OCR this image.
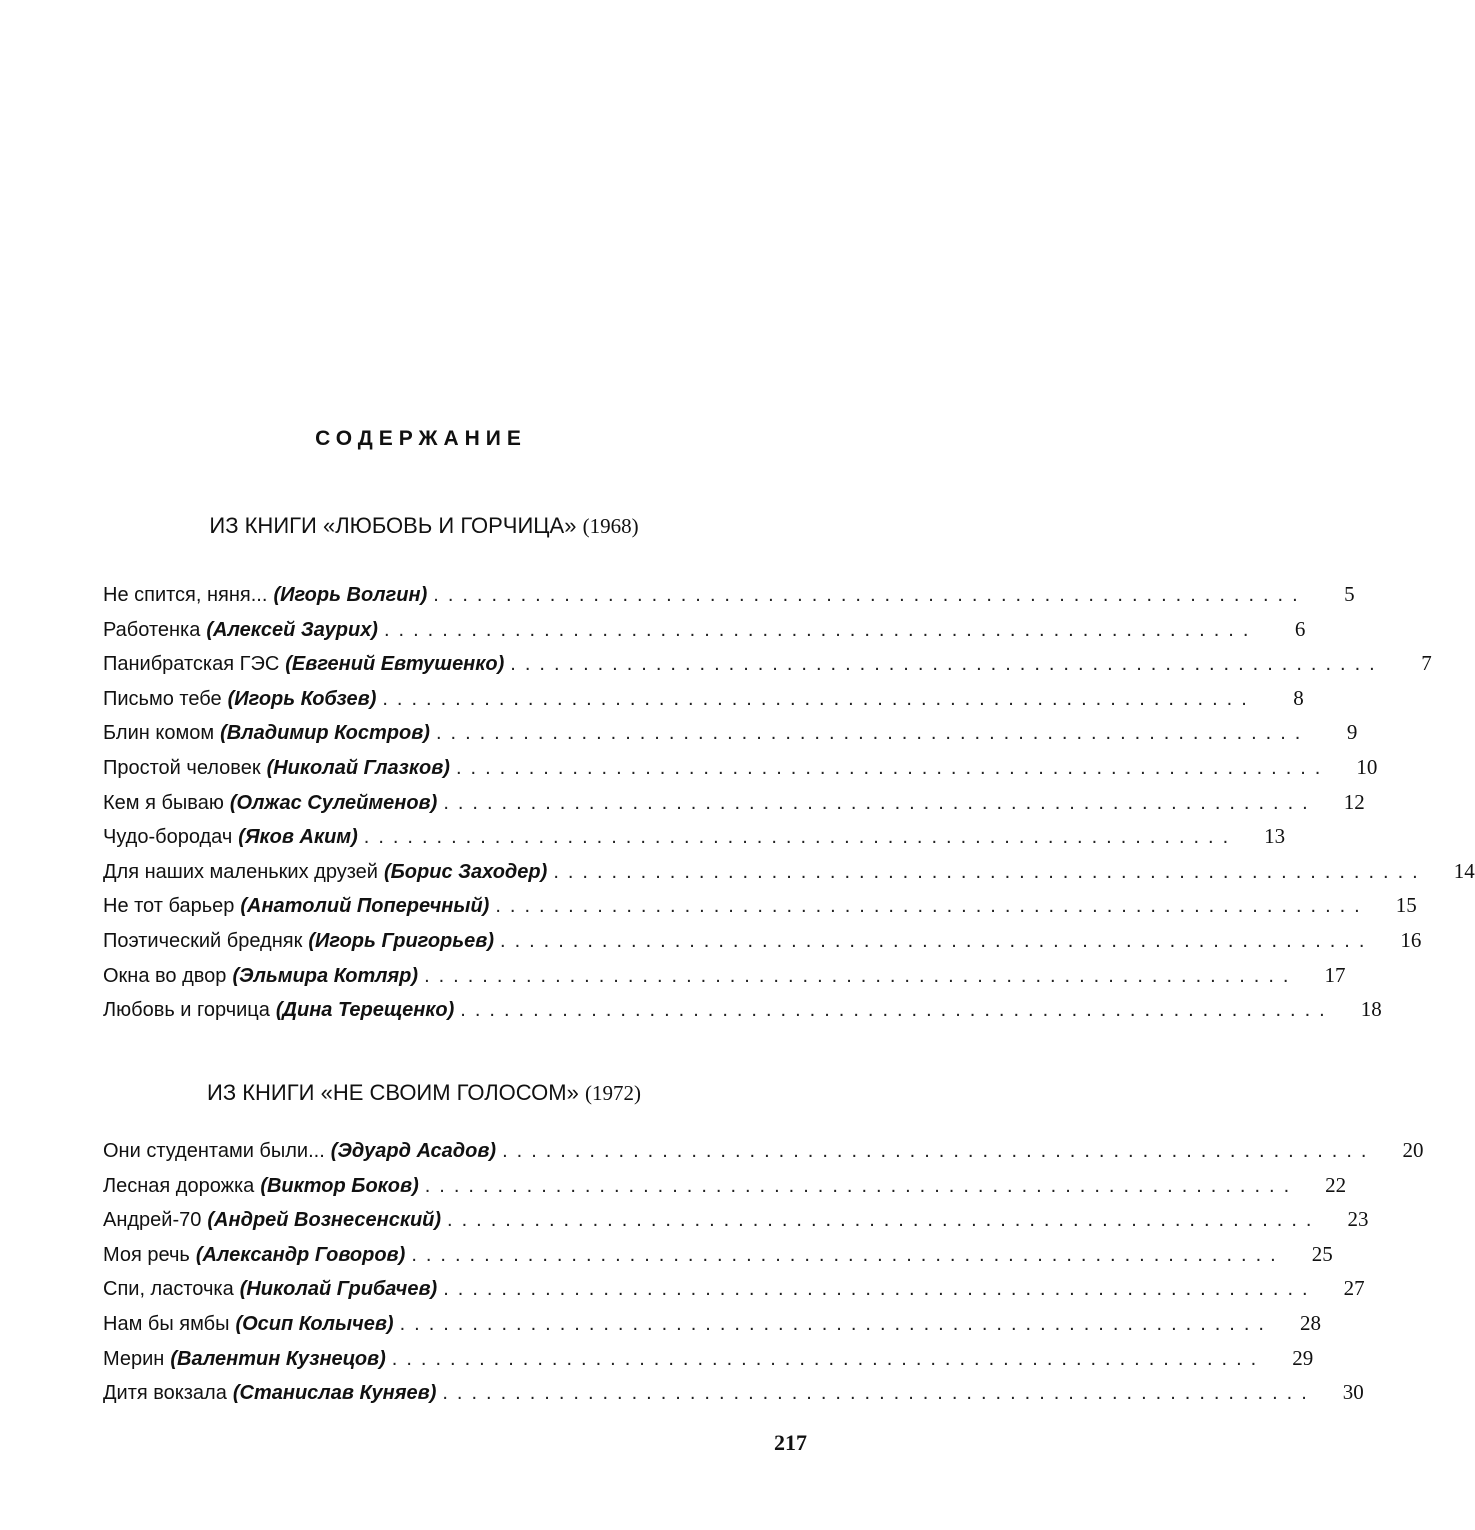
СОДЕРЖАНИЕ
ИЗ КНИГИ «ЛЮБОВЬ И ГОРЧИЦА» (1968)
Не спится, няня... (Игорь Волгин) ............................................................	5
Работенка (Алексей Заурих) ............................................................	6
Панибратская ГЭС (Евгений Евтушенко) ............................................................	7
Письмо тебе (Игорь Кобзев) ............................................................	8
Блин комом (Владимир Костров) ............................................................	9
Простой человек (Николай Глазков) ............................................................	10
Кем я бываю (Олжас Сулейменов) ............................................................	12
Чудо-бородач (Яков Аким) ............................................................	13
Для наших маленьких друзей (Борис Заходер) ............................................................	14
Не тот барьер (Анатолий Поперечный) ............................................................	15
Поэтический бредняк (Игорь Григорьев) ............................................................	16
Окна во двор (Эльмира Котляр) ............................................................	17
Любовь и горчица (Дина Терещенко) ............................................................	18
ИЗ КНИГИ «НЕ СВОИМ ГОЛОСОМ» (1972)
Они студентами были... (Эдуард Асадов) ............................................................	20
Лесная дорожка (Виктор Боков) ............................................................	22
Андрей-70 (Андрей Вознесенский) ............................................................	23
Моя речь (Александр Говоров) ............................................................	25
Спи, ласточка (Николай Грибачев) ............................................................	27
Нам бы ямбы (Осип Колычев) ............................................................	28
Мерин (Валентин Кузнецов) ............................................................	29
Дитя вокзала (Станислав Куняев) ............................................................	30
217
